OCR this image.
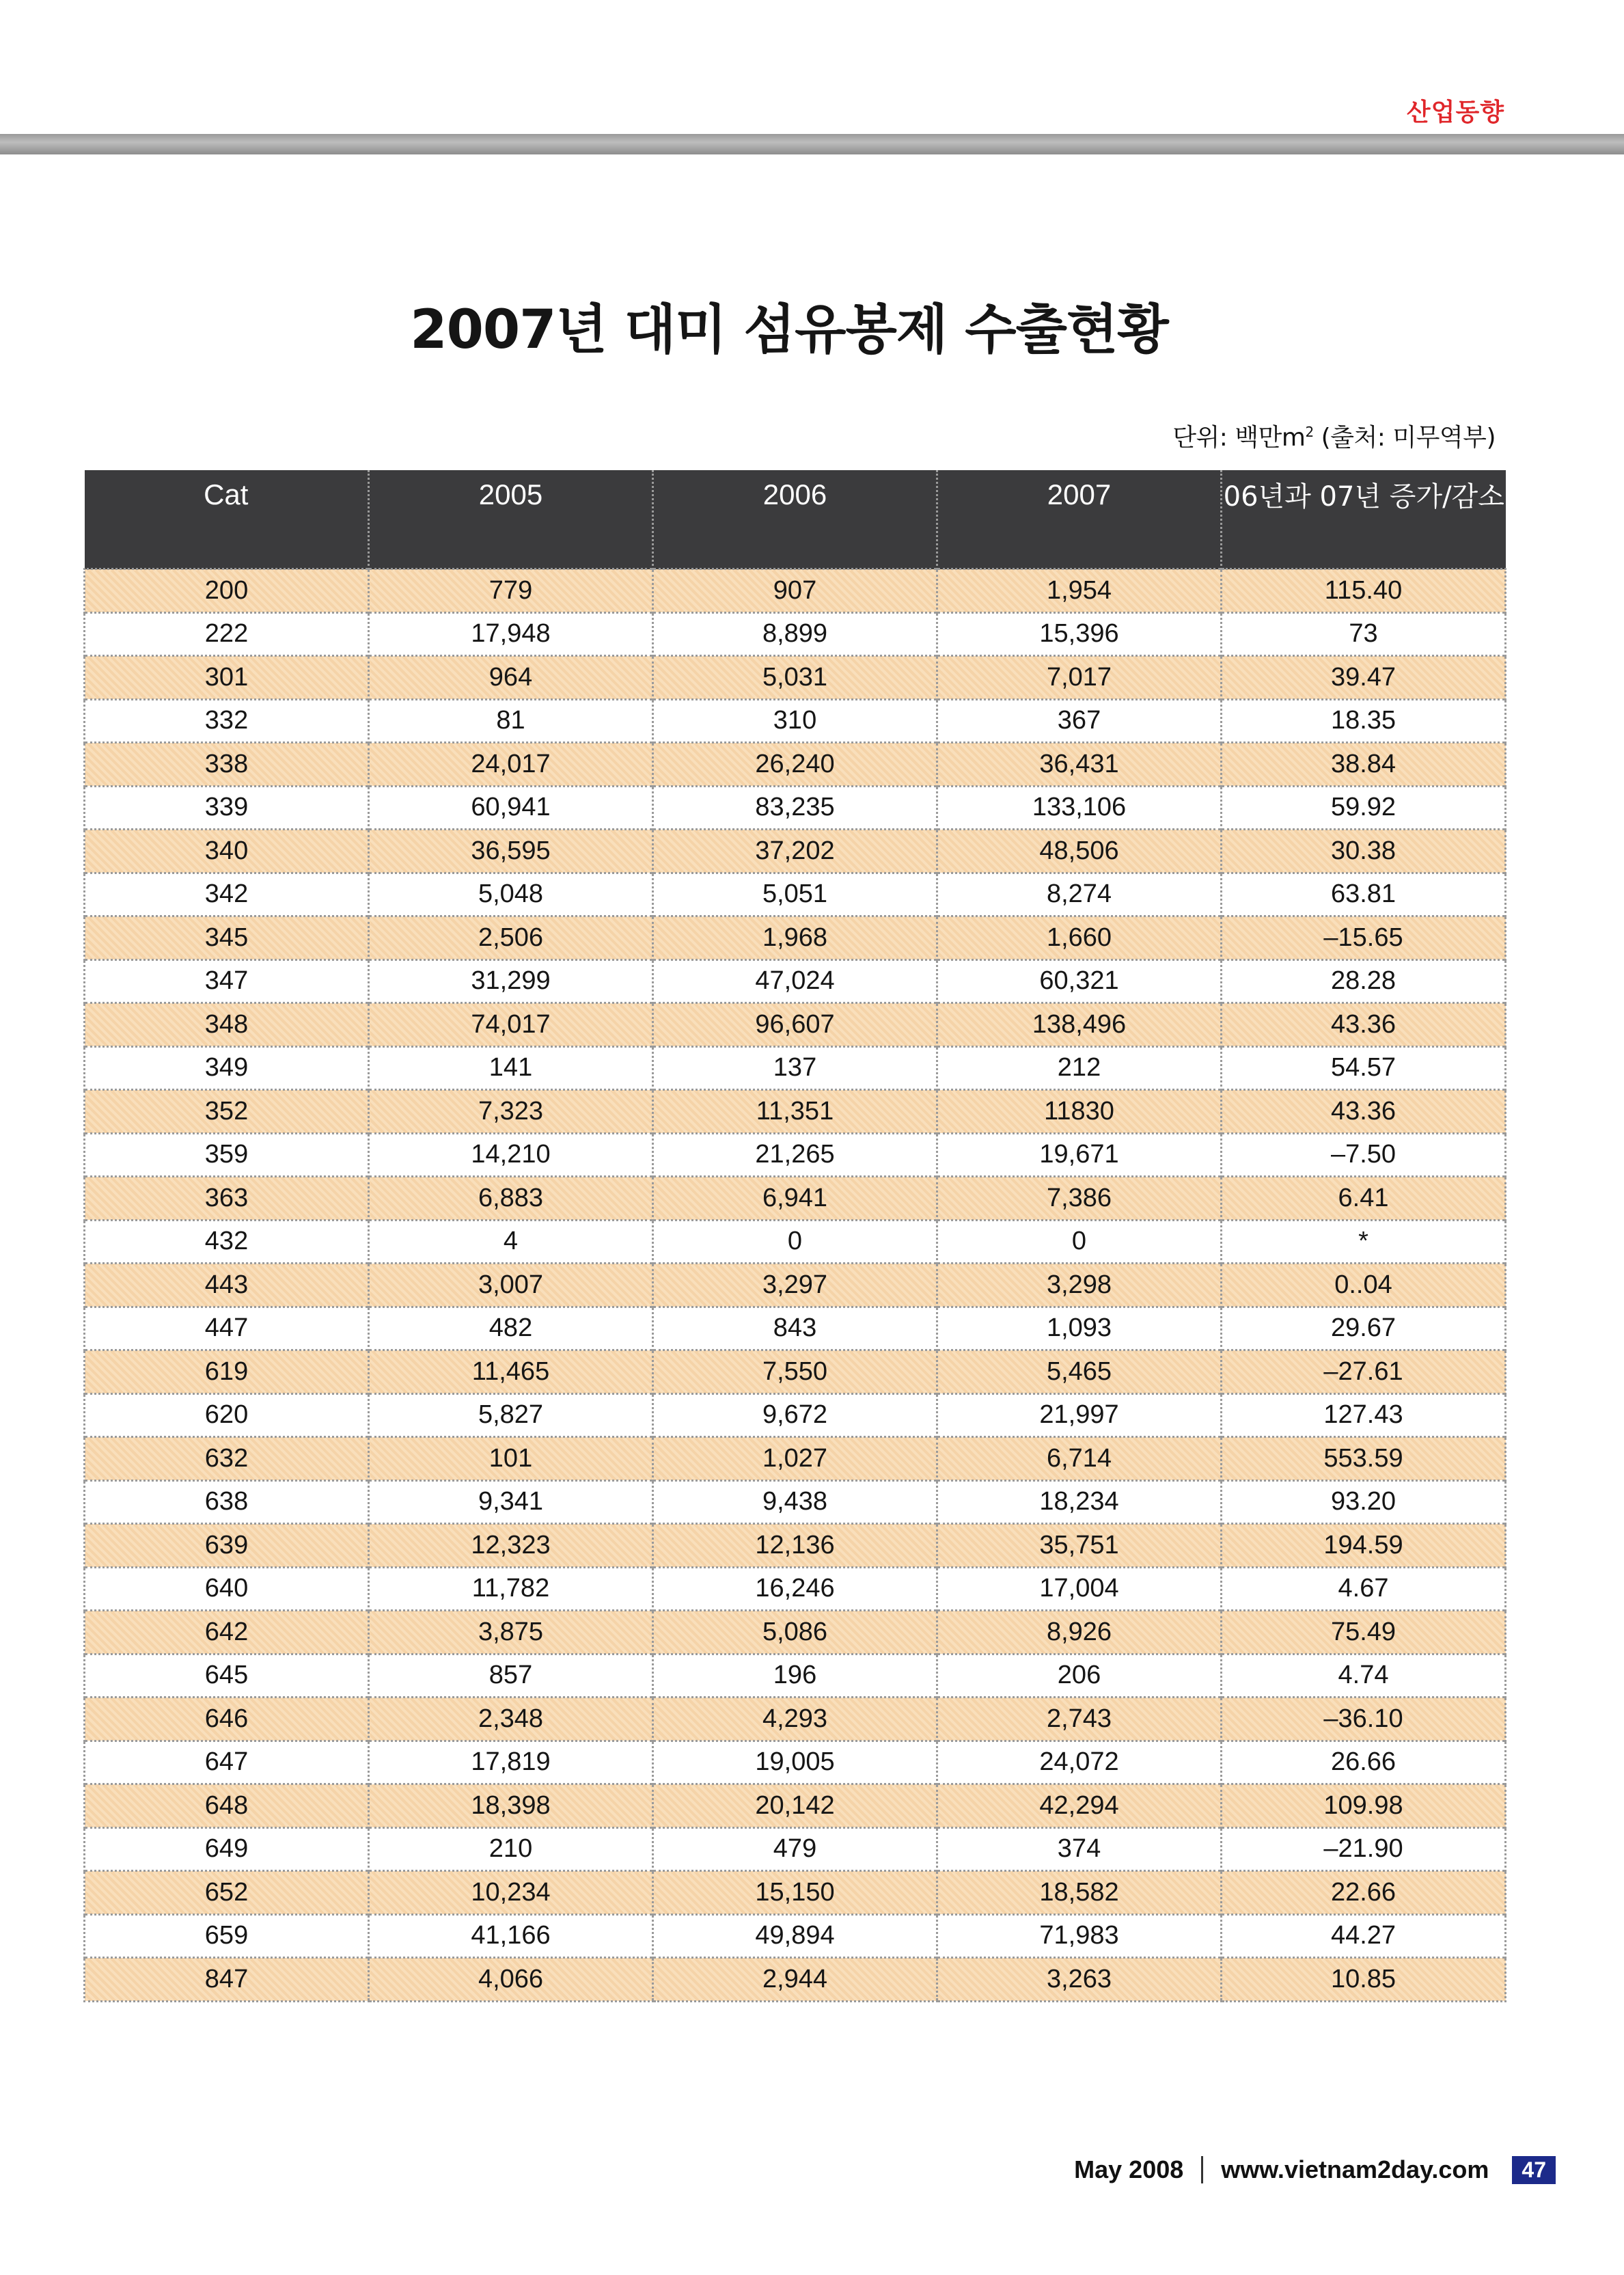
산업동향
2007년 대미 섬유봉제 수출현황
단위: 백만$m^2$ (출처: 미무역부)
Cat	2005	2006	2007	06년과 07년 증가/감소
200	779	907	1,954	115.40
222	17,948	8,899	15,396	73
301	964	5,031	7,017	39.47
332	81	310	367	18.35
338	24,017	26,240	36,431	38.84
339	60,941	83,235	133,106	59.92
340	36,595	37,202	48,506	30.38
342	5,048	5,051	8,274	63.81
345	2,506	1,968	1,660	–15.65
347	31,299	47,024	60,321	28.28
348	74,017	96,607	138,496	43.36
349	141	137	212	54.57
352	7,323	11,351	11830	43.36
359	14,210	21,265	19,671	–7.50
363	6,883	6,941	7,386	6.41
432	4	0	0	*
443	3,007	3,297	3,298	0..04
447	482	843	1,093	29.67
619	11,465	7,550	5,465	–27.61
620	5,827	9,672	21,997	127.43
632	101	1,027	6,714	553.59
638	9,341	9,438	18,234	93.20
639	12,323	12,136	35,751	194.59
640	11,782	16,246	17,004	4.67
642	3,875	5,086	8,926	75.49
645	857	196	206	4.74
646	2,348	4,293	2,743	–36.10
647	17,819	19,005	24,072	26.66
648	18,398	20,142	42,294	109.98
649	210	479	374	–21.90
652	10,234	15,150	18,582	22.66
659	41,166	49,894	71,983	44.27
847	4,066	2,944	3,263	10.85
May 2008 www.vietnam2day.com	47
